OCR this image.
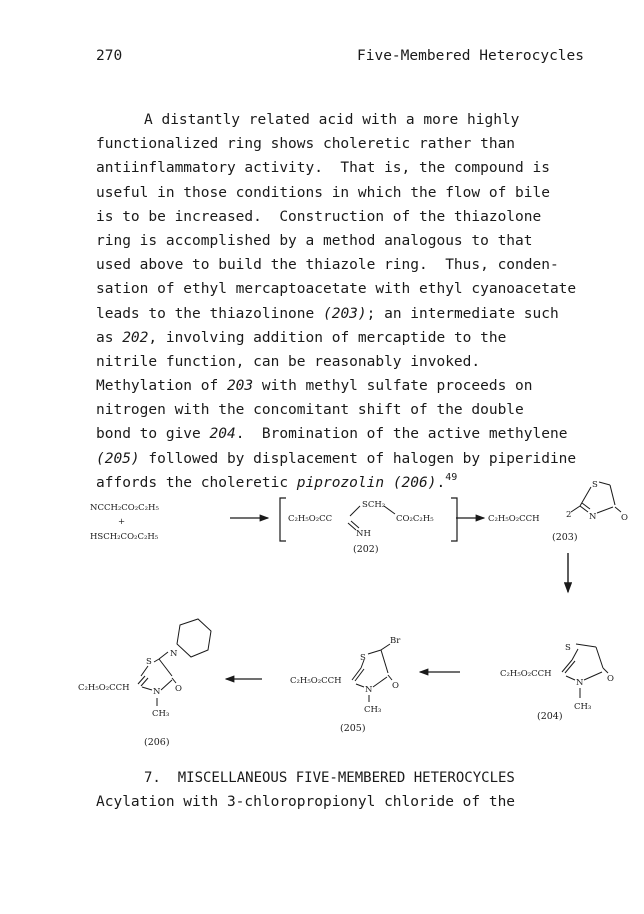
270	Five-Membered Heterocycles
A distantly related acid with a more highly
functionalized ring shows choleretic rather than
antiinflammatory activity.  That is, the compound is
useful in those conditions in which the flow of bile
is to be increased.  Construction of the thiazolone
ring is accomplished by a method analogous to that
used above to build the thiazole ring.  Thus, conden-
sation of ethyl mercaptoacetate with ethyl cyanoacetate
leads to the thiazolinone (203); an intermediate such
as 202, involving addition of mercaptide to the
nitrile function, can be reasonably invoked.
Methylation of 203 with methyl sulfate proceeds on
nitrogen with the concomitant shift of the double
bond to give 204.  Bromination of the active methylene
(205) followed by displacement of halogen by piperidine
affords the choleretic piprozolin (206).$^{49}$
NCCH₂CO₂C₂H₅
+
HSCH₂CO₂C₂H₅
C₂H₅O₂CC
SCH₂
CO₂C₂H₅
NH
(202)
C₂H₅O₂CCH	2
S
N	O
(203)
C₂H₅O₂CCH
S
N	O
CH₃
(204)
C₂H₅O₂CCH
S
Br
N O
CH₃
(205)
N
S
C₂H₅O₂CCH	N O
CH₃
(206)
7.  MISCELLANEOUS FIVE-MEMBERED HETEROCYCLES
Acylation with 3-chloropropionyl chloride of the
